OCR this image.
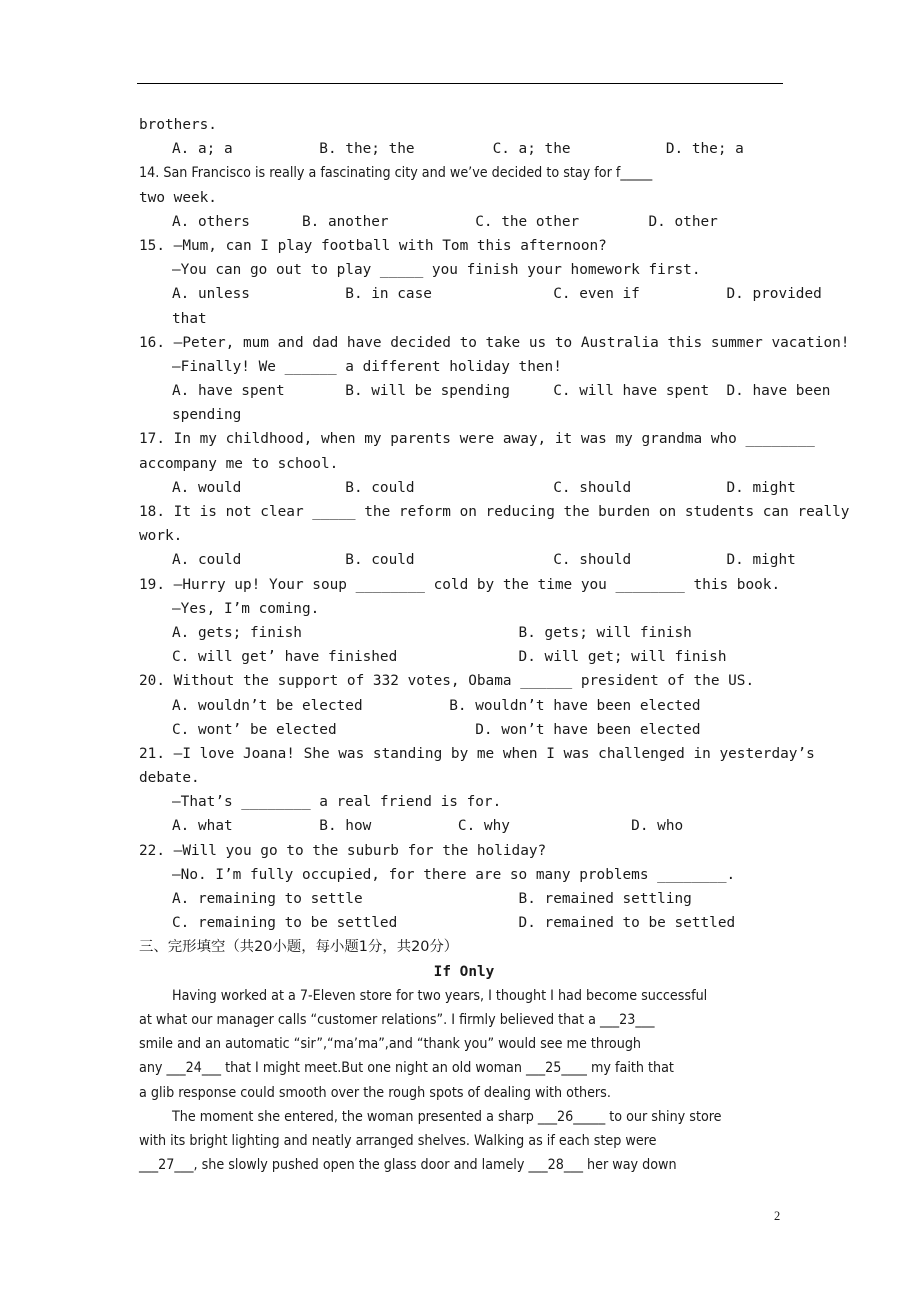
brothers.
A. a; a          B. the; the         C. a; the           D. the; a
14. San Francisco is really a fascinating city and we’ve decided to stay for f_____
two week.
A. others      B. another          C. the other        D. other
15. —Mum, can I play football with Tom this afternoon?
—You can go out to play _____ you finish your homework first.
A. unless           B. in case              C. even if          D. provided
that
16. —Peter, mum and dad have decided to take us to Australia this summer vacation!
—Finally! We ______ a different holiday then!
A. have spent       B. will be spending     C. will have spent  D. have been
spending
17. In my childhood, when my parents were away, it was my grandma who ________
accompany me to school.
A. would            B. could                C. should           D. might
18. It is not clear _____ the reform on reducing the burden on students can really
work.
A. could            B. could                C. should           D. might
19. —Hurry up! Your soup ________ cold by the time you ________ this book.
—Yes, I’m coming.
A. gets; finish                         B. gets; will finish
C. will get’ have finished              D. will get; will finish
20. Without the support of 332 votes, Obama ______ president of the US.
A. wouldn’t be elected          B. wouldn’t have been elected
C. wont’ be elected                D. won’t have been elected
21. —I love Joana! She was standing by me when I was challenged in yesterday’s
debate.
—That’s ________ a real friend is for.
A. what          B. how          C. why              D. who
22. —Will you go to the suburb for the holiday?
—No. I’m fully occupied, for there are so many problems ________.
A. remaining to settle                  B. remained settling
C. remaining to be settled              D. remained to be settled
三、完形填空（共20小题，每小题1分，共20分）
If Only
Having worked at a 7-Eleven store for two years, I thought I had become successful
at what our manager calls “customer relations”. I firmly believed that a ___23___
smile and an automatic “sir”,“ma’ma”,and “thank you” would see me through
any ___24___ that I might meet.But one night an old woman ___25____ my faith that
a glib response could smooth over the rough spots of dealing with others.
The moment she entered, the woman presented a sharp ___26_____ to our shiny store
with its bright lighting and neatly arranged shelves. Walking as if each step were
___27___, she slowly pushed open the glass door and lamely ___28___ her way down
2
